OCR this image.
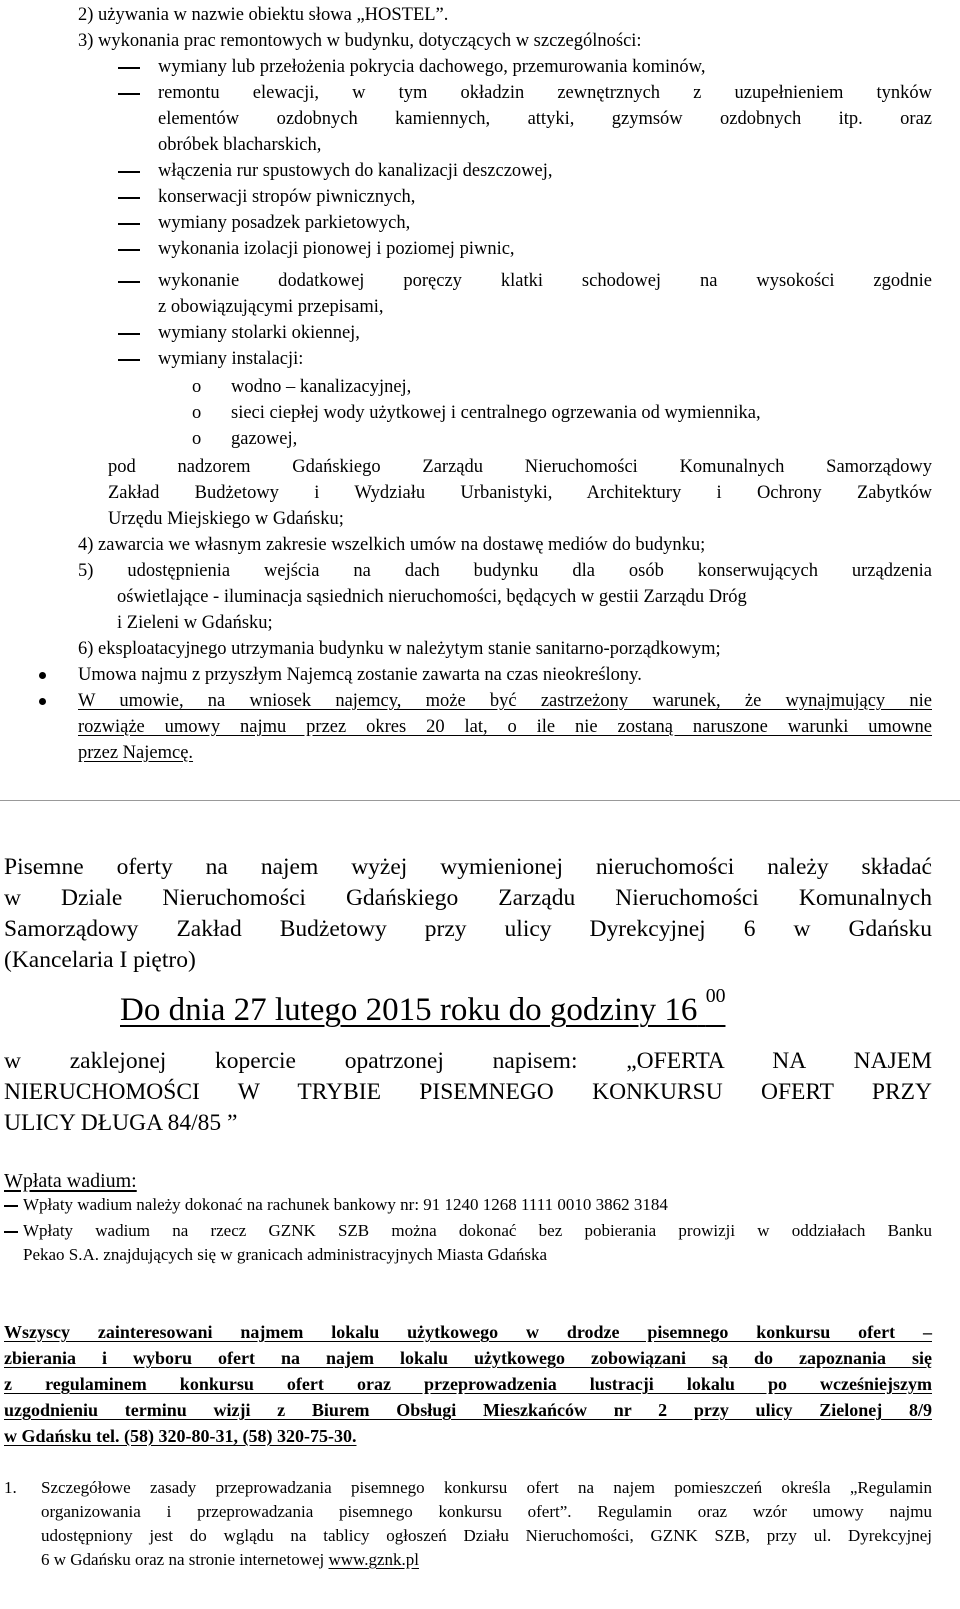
2) używania w nazwie obiektu słowa „HOSTEL”.
3) wykonania prac remontowych w budynku, dotyczących w szczególności:
wymiany lub przełożenia pokrycia dachowego, przemurowania kominów,
remontu elewacji, w tym okładzin zewnętrznych z uzupełnieniem tynków
elementów ozdobnych kamiennych, attyki, gzymsów ozdobnych itp. oraz
obróbek blacharskich,
włączenia rur spustowych do kanalizacji deszczowej,
konserwacji stropów piwnicznych,
wymiany posadzek parkietowych,
wykonania izolacji pionowej i poziomej piwnic,
wykonanie dodatkowej poręczy klatki schodowej na wysokości zgodnie
z obowiązującymi przepisami,
wymiany stolarki okiennej,
wymiany instalacji:
o wodno – kanalizacyjnej,
o sieci ciepłej wody użytkowej i centralnego ogrzewania od wymiennika,
o gazowej,
pod nadzorem Gdańskiego Zarządu Nieruchomości Komunalnych Samorządowy
Zakład Budżetowy i Wydziału Urbanistyki, Architektury i Ochrony Zabytków
Urzędu Miejskiego w Gdańsku;
4) zawarcia we własnym zakresie wszelkich umów na dostawę mediów do budynku;
5) udostępnienia wejścia na dach budynku dla osób konserwujących urządzenia
oświetlające - iluminacja sąsiednich nieruchomości, będących w gestii Zarządu Dróg
i Zieleni w Gdańsku;
6) eksploatacyjnego utrzymania budynku w należytym stanie sanitarno-porządkowym;
Umowa najmu z przyszłym Najemcą zostanie zawarta na czas nieokreślony.
W umowie, na wniosek najemcy, może być zastrzeżony warunek, że wynajmujący nie
rozwiąże umowy najmu przez okres 20 lat, o ile nie zostaną naruszone warunki umowne
przez Najemcę.
Pisemne oferty na najem wyżej wymienionej nieruchomości należy składać
w Dziale Nieruchomości Gdańskiego Zarządu Nieruchomości Komunalnych
Samorządowy Zakład Budżetowy przy ulicy Dyrekcyjnej 6 w Gdańsku
(Kancelaria I piętro)
Do dnia 27 lutego 2015 roku do godziny 16 $^{00}$
w zaklejonej kopercie opatrzonej napisem: „OFERTA NA NAJEM
NIERUCHOMOŚCI W TRYBIE PISEMNEGO KONKURSU OFERT PRZY
ULICY DŁUGA 84/85 ”
Wpłata wadium:
Wpłaty wadium należy dokonać na rachunek bankowy nr: 91 1240 1268 1111 0010 3862 3184
Wpłaty wadium na rzecz GZNK SZB można dokonać bez pobierania prowizji w oddziałach Banku
Pekao S.A. znajdujących się w granicach administracyjnych Miasta Gdańska
Wszyscy zainteresowani najmem lokalu użytkowego w drodze pisemnego konkursu ofert –
zbierania i wyboru ofert na najem lokalu użytkowego zobowiązani są do zapoznania się
z regulaminem konkursu ofert oraz przeprowadzenia lustracji lokalu po wcześniejszym
uzgodnieniu terminu wizji z Biurem Obsługi Mieszkańców nr 2 przy ulicy Zielonej 8/9
w Gdańsku tel. (58) 320-80-31, (58) 320-75-30.
1. Szczegółowe zasady przeprowadzania pisemnego konkursu ofert na najem pomieszczeń określa „Regulamin
organizowania i przeprowadzania pisemnego konkursu ofert”. Regulamin oraz wzór umowy najmu
udostępniony jest do wglądu na tablicy ogłoszeń Działu Nieruchomości, GZNK SZB, przy ul. Dyrekcyjnej
6 w Gdańsku oraz na stronie internetowej www.gznk.pl
